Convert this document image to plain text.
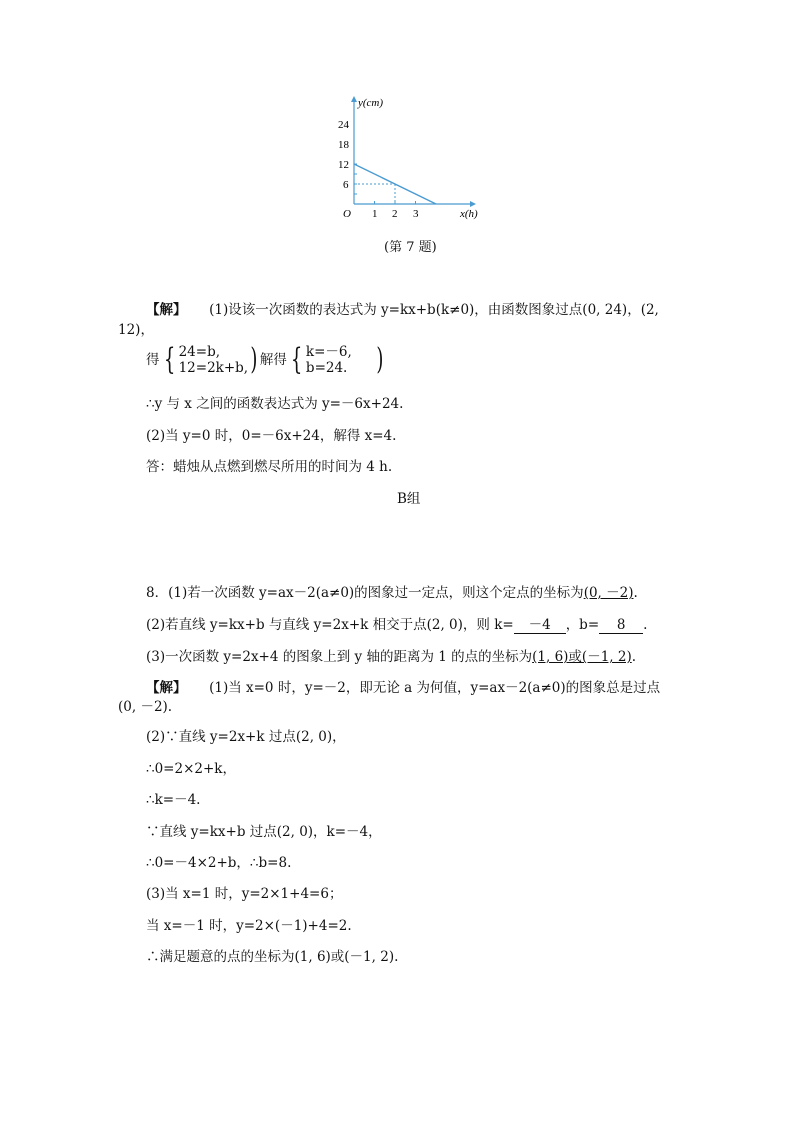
y(cm)
x(h)
O
6
12
18
24
1 2 3
(第 7 题)
【解】 (1)设该一次函数的表达式为 y=kx+b(k≠0)，由函数图象过点(0, 24)，(2,
12)，
得 { 24=b,
12=2k+b,) 解得 { k=－6,
b=24. )
∴y 与 x 之间的函数表达式为 y=－6x+24.
(2)当 y=0 时，0=－6x+24，解得 x=4.
答：蜡烛从点燃到燃尽所用的时间为 4 h.
B组
8．(1)若一次函数 y=ax－2(a≠0)的图象过一定点，则这个定点的坐标为(0, －2).
(2)若直线 y=kx+b 与直线 y=2x+k 相交于点(2, 0)，则 k= －4 ，b= 8 .
(3)一次函数 y=2x+4 的图象上到 y 轴的距离为 1 的点的坐标为(1, 6)或(－1, 2).
【解】 (1)当 x=0 时，y=－2，即无论 a 为何值，y=ax－2(a≠0)的图象总是过点
(0, －2).
(2)∵直线 y=2x+k 过点(2, 0)，
∴0=2×2+k，
∴k=－4.
∵直线 y=kx+b 过点(2, 0)，k=－4，
∴0=－4×2+b，∴b=8.
(3)当 x=1 时，y=2×1+4=6；
当 x=－1 时，y=2×(－1)+4=2.
∴满足题意的点的坐标为(1, 6)或(－1, 2).
